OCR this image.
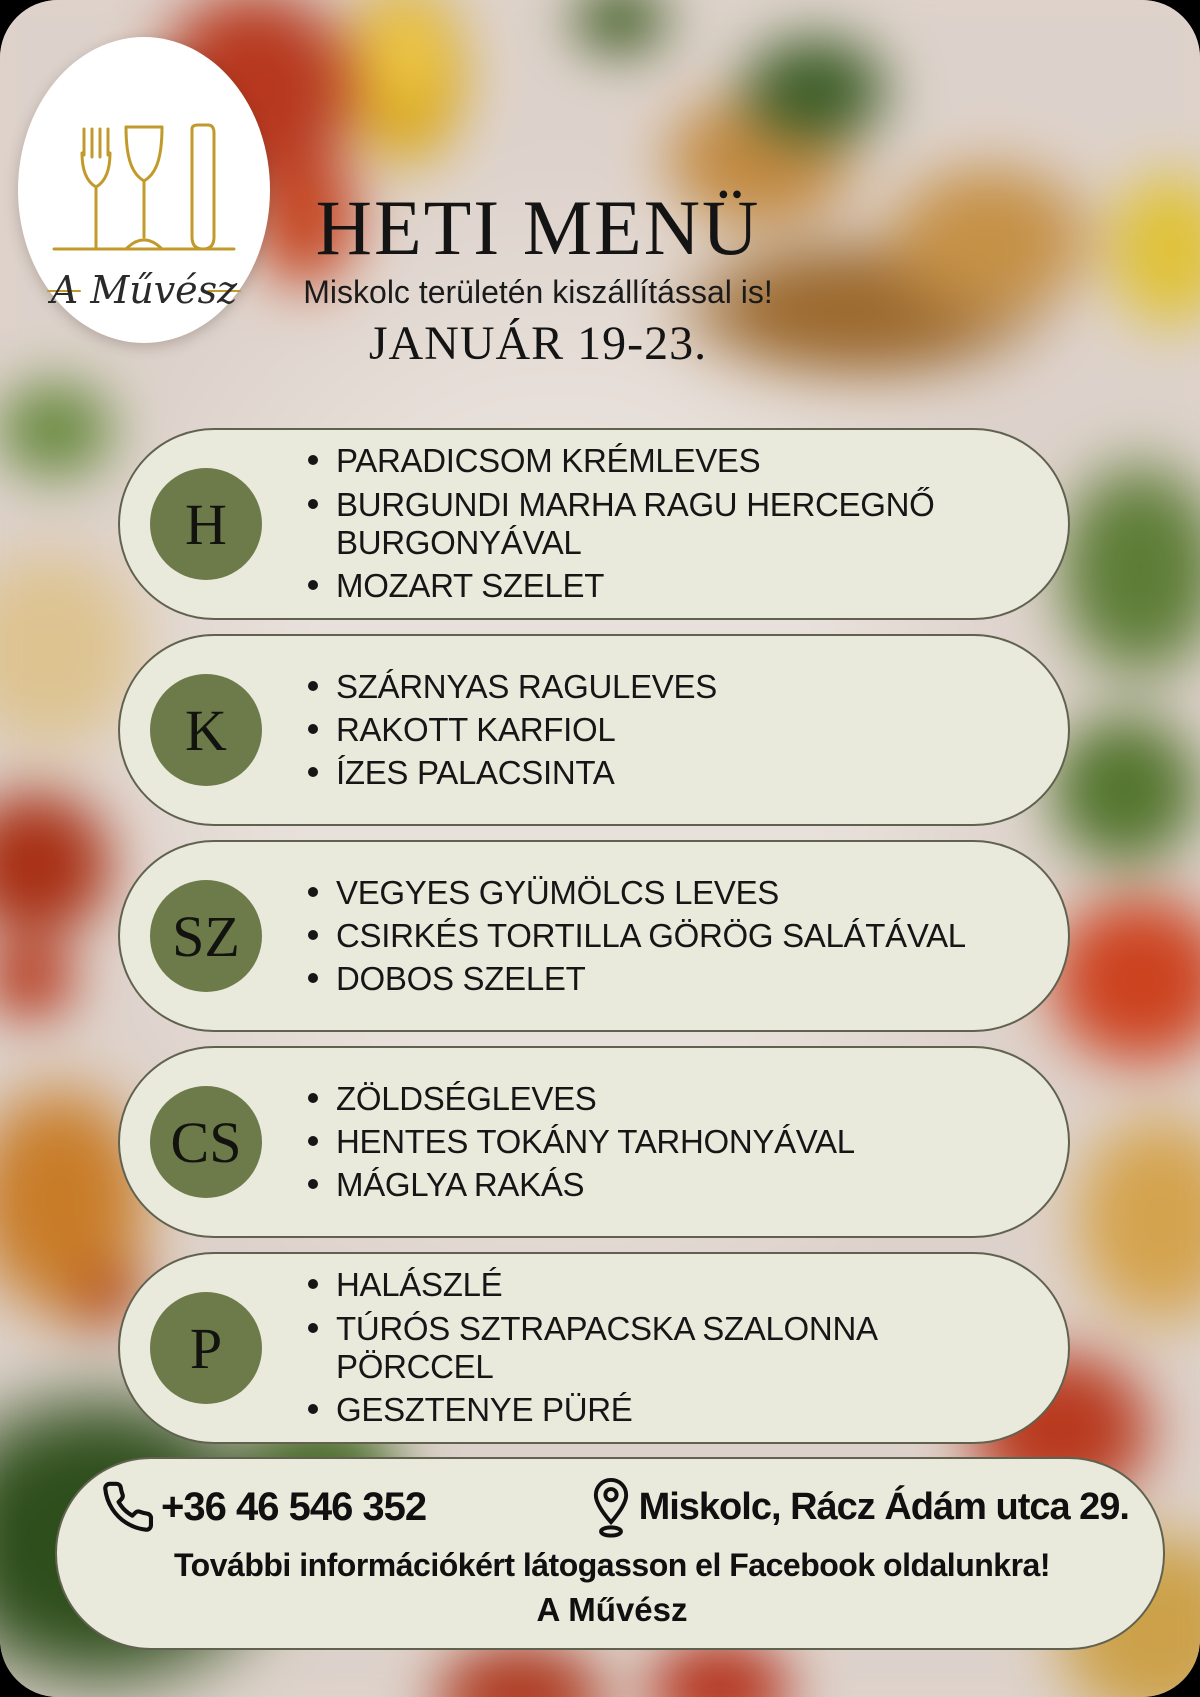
A Művész
HETI MENÜ
Miskolc területén kiszállítással is!
JANUÁR 19-23.
H
PARADICSOM KRÉMLEVES
BURGUNDI MARHA RAGU HERCEGNŐ BURGONYÁVAL
MOZART SZELET
K
SZÁRNYAS RAGULEVES
RAKOTT KARFIOL
ÍZES PALACSINTA
SZ
VEGYES GYÜMÖLCS LEVES
CSIRKÉS TORTILLA GÖRÖG SALÁTÁVAL
DOBOS SZELET
CS
ZÖLDSÉGLEVES
HENTES TOKÁNY TARHONYÁVAL
MÁGLYA RAKÁS
P
HALÁSZLÉ
TÚRÓS SZTRAPACSKA SZALONNA PÖRCCEL
GESZTENYE PÜRÉ
+36 46 546 352	Miskolc, Rácz Ádám utca 29.
További információkért látogasson el Facebook oldalunkra!
A Művész
